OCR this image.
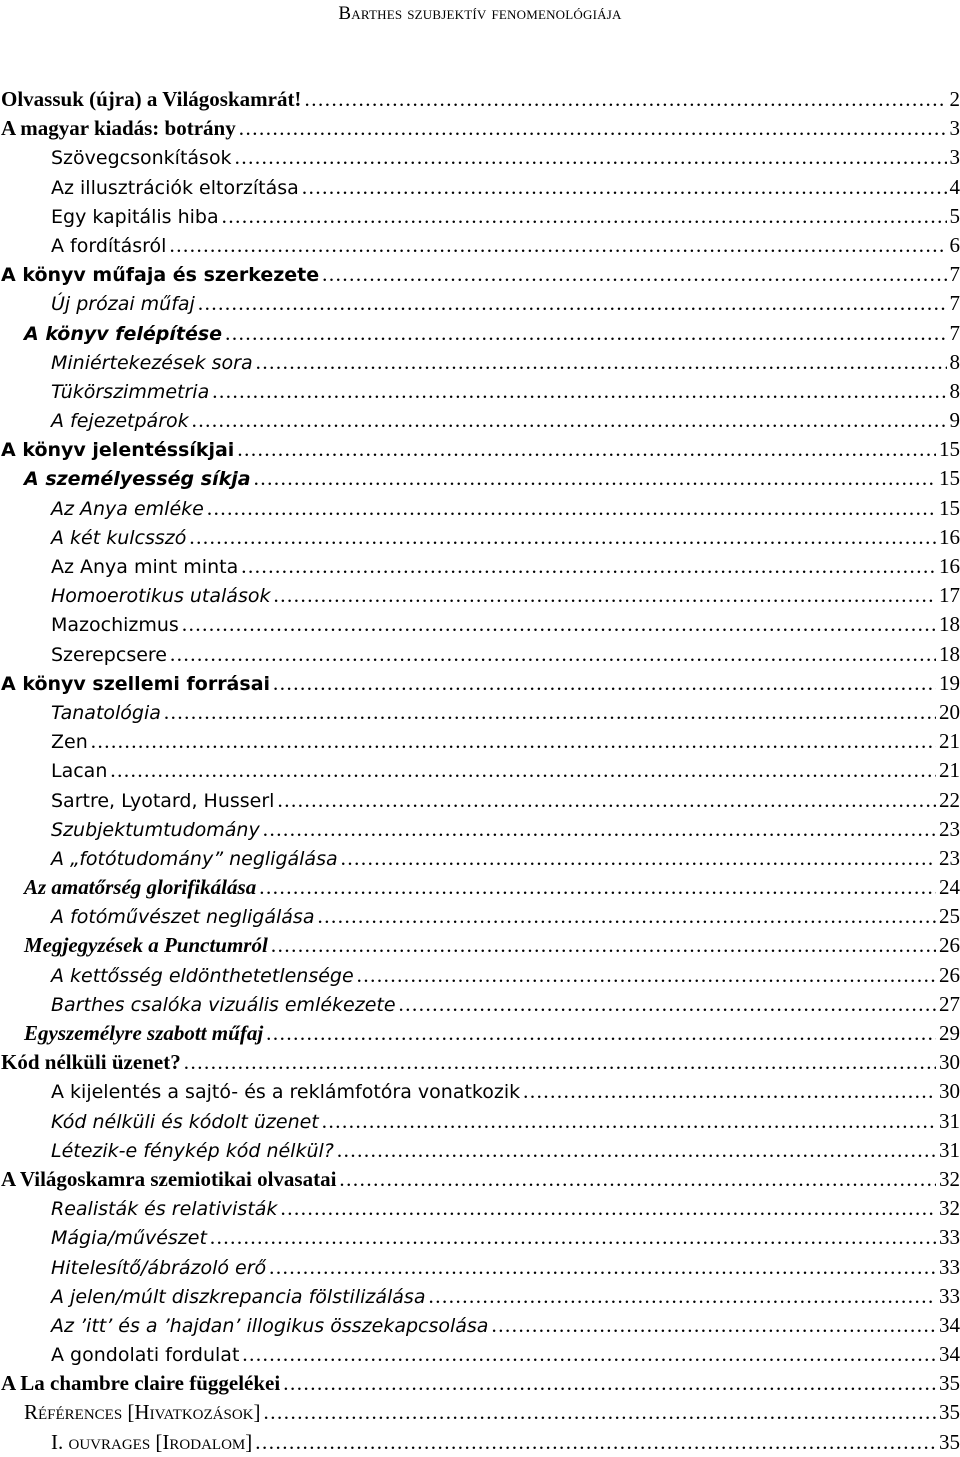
Barthes szubjektív fenomenológiája
Olvassuk (újra) a Világoskamrát! .....	2
A magyar kiadás: botrány .....	3
Szövegcsonkítások .....	3
Az illusztrációk eltorzítása .....	4
Egy kapitális hiba .....	5
A fordításról .....	6
A könyv műfaja és szerkezete .....	7
Új prózai műfaj .....	7
A könyv felépítése .....	7
Miniértekezések sora .....	8
Tükörszimmetria .....	8
A fejezetpárok .....	9
A könyv jelentéssíkjai .....	15
A személyesség síkja .....	15
Az Anya emléke .....	15
A két kulcsszó .....	16
Az Anya mint minta .....	16
Homoerotikus utalások .....	17
Mazochizmus .....	18
Szerepcsere .....	18
A könyv szellemi forrásai .....	19
Tanatológia .....	20
Zen .....	21
Lacan .....	21
Sartre, Lyotard, Husserl .....	22
Szubjektumtudomány .....	23
A „fotótudomány” negligálása .....	23
Az amatőrség glorifikálása .....	24
A fotóművészet negligálása .....	25
Megjegyzések a Punctumról .....	26
A kettősség eldönthetetlensége .....	26
Barthes csalóka vizuális emlékezete .....	27
Egyszemélyre szabott műfaj .....	29
Kód nélküli üzenet? .....	30
A kijelentés a sajtó- és a reklámfotóra vonatkozik .....	30
Kód nélküli és kódolt üzenet .....	31
Létezik-e fénykép kód nélkül? .....	31
A Világoskamra szemiotikai olvasatai .....	32
Realisták és relativisták .....	32
Mágia/művészet .....	33
Hitelesítő/ábrázoló erő .....	33
A jelen/múlt diszkrepancia fölstilizálása .....	33
Az ’itt’ és a ’hajdan’ illogikus összekapcsolása .....	34
A gondolati fordulat .....	34
A La chambre claire függelékei .....	35
Références [Hivatkozások] .....	35
I. ouvrages [Irodalom] .....	35
